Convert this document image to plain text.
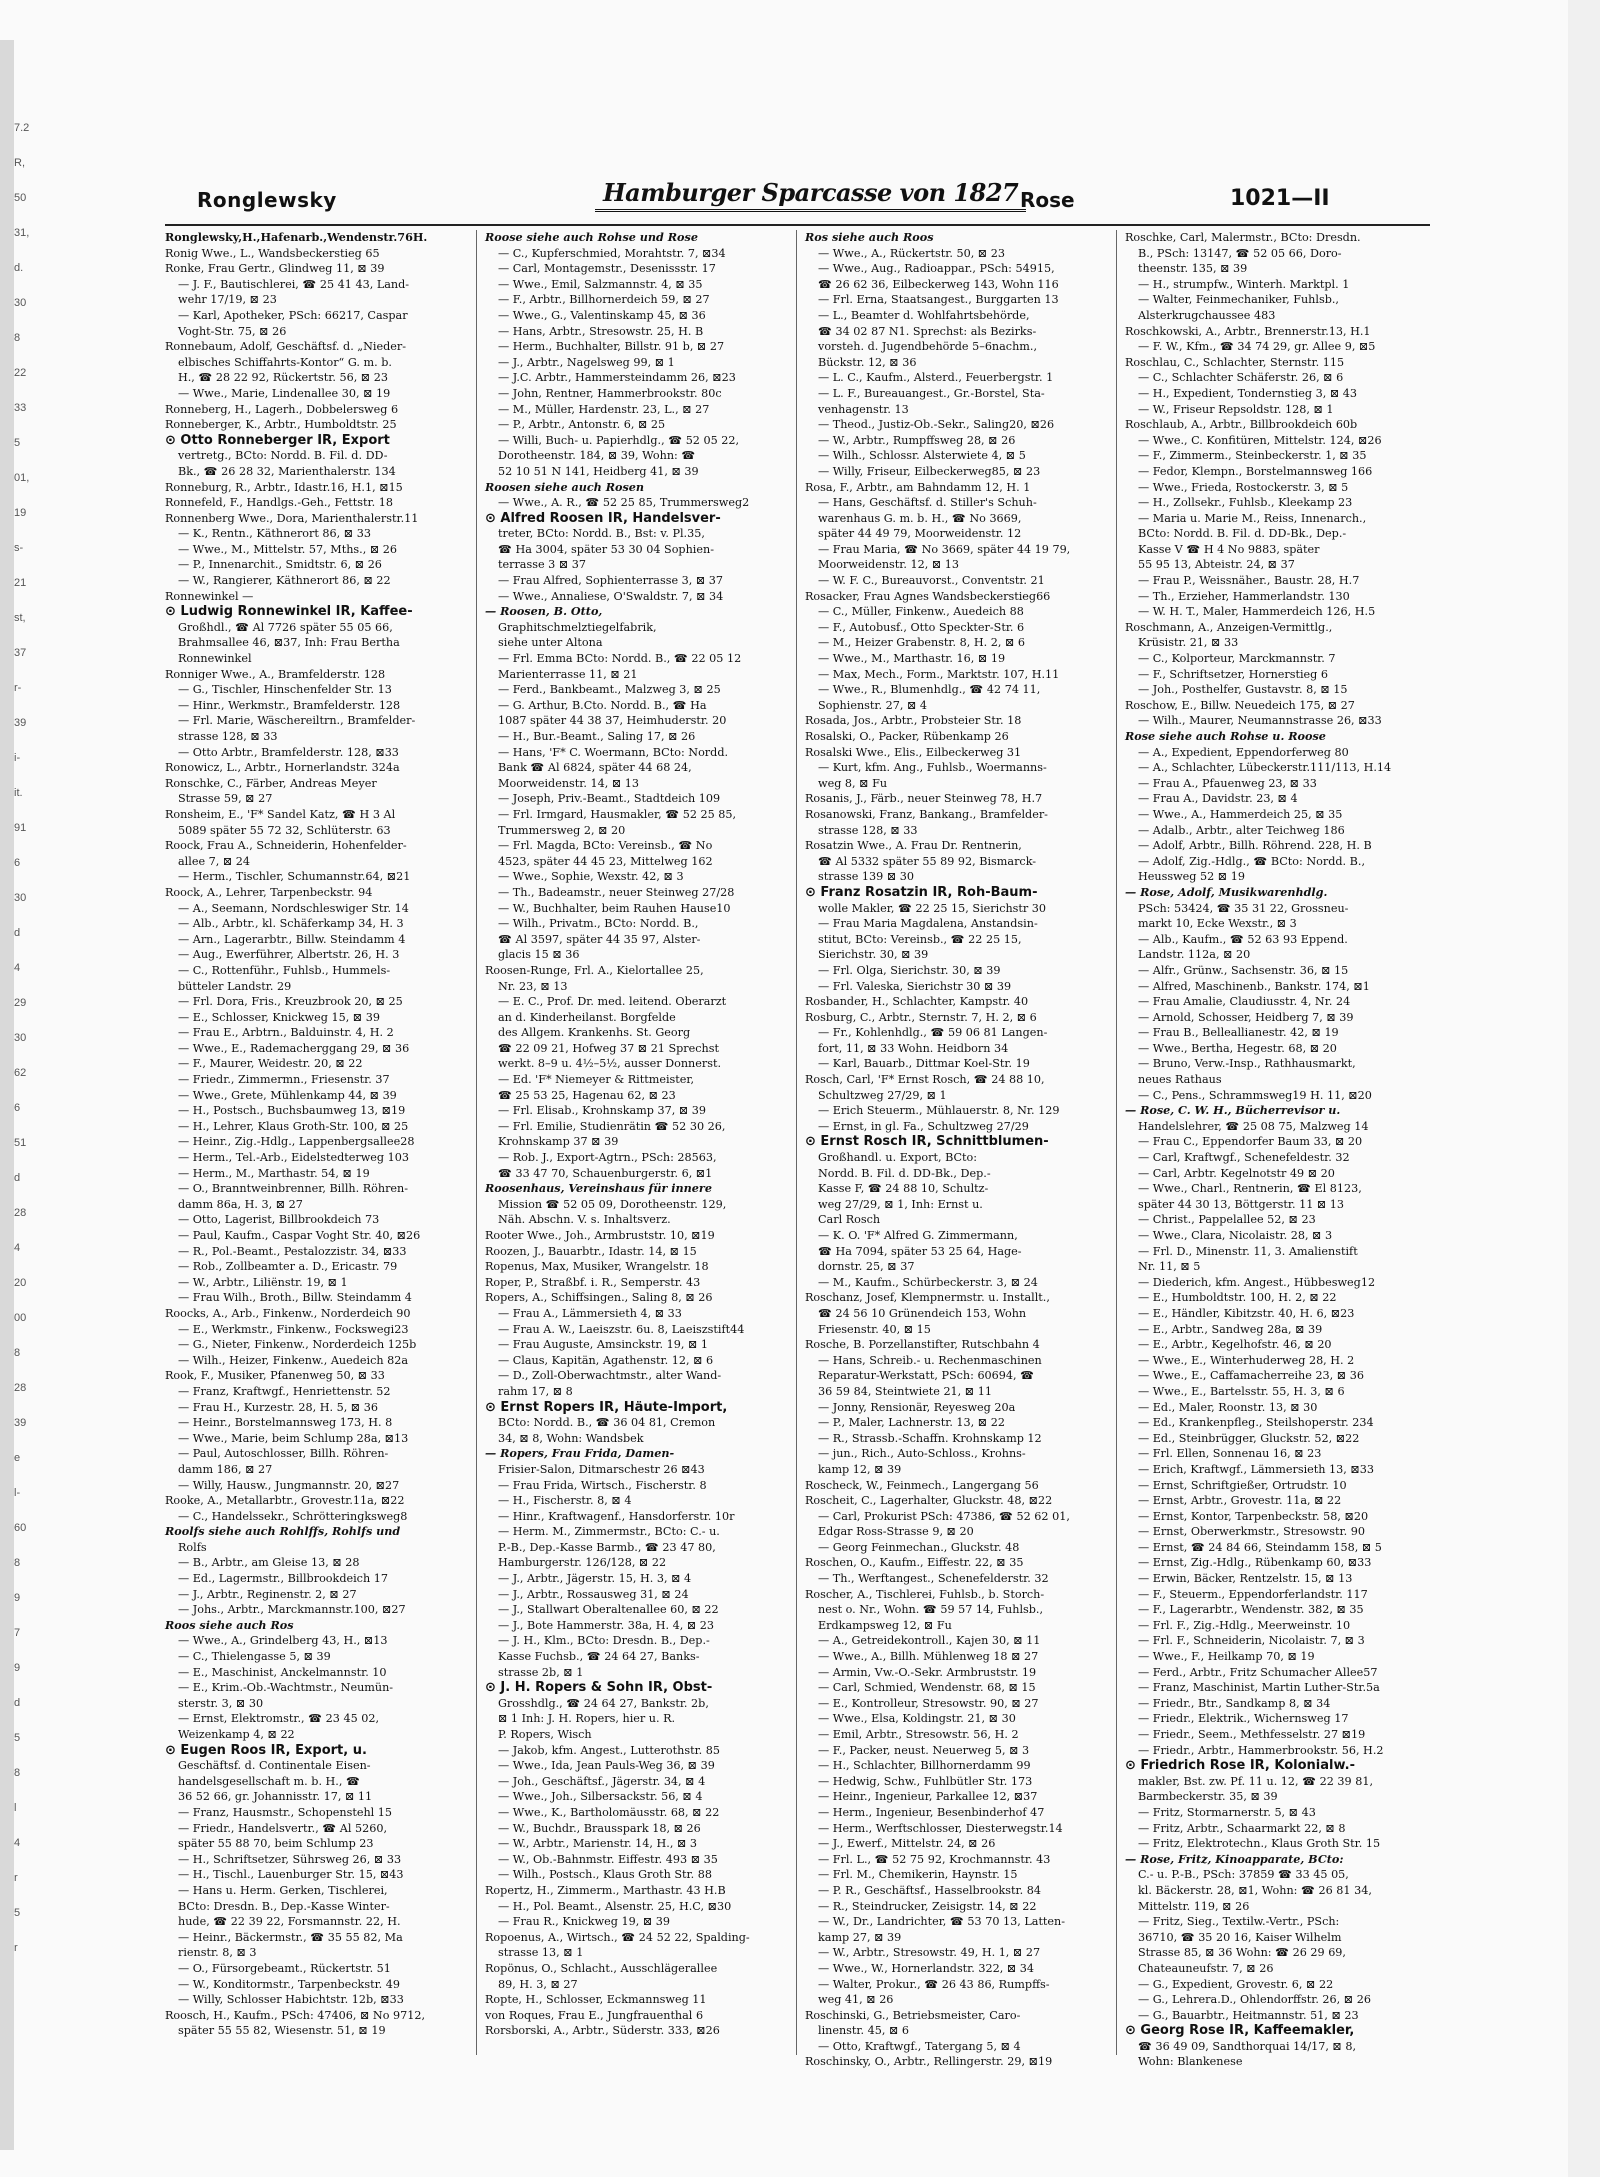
7.2
R,
50
31,
d.
30
8
22
33
5
01,
19
s-
21
st,
37
r-
39
i-
it.
91
6
30
d
4
29
30
62
6
51
d
28
4
20
00
8
28
39
e
l-
60
8
9
7
9
d
5
8
l
4
r
5
r
Ronglewsky	Hamburger Sparcasse von 1827 Rose	1021—II
Ronglewsky,H.,Hafenarb.,Wendenstr.76H.
Ronig Wwe., L., Wandsbeckerstieg 65
Ronke, Frau Gertr., Glindweg 11, ⊠ 39
— J. F., Bautischlerei, ☎ 25 41 43, Land-
wehr 17/19, ⊠ 23
— Karl, Apotheker, PSch: 66217, Caspar
Voght-Str. 75, ⊠ 26
Ronnebaum, Adolf, Geschäftsf. d. „Nieder-
elbisches Schiffahrts-Kontor“ G. m. b.
H., ☎ 28 22 92, Rückertstr. 56, ⊠ 23
— Wwe., Marie, Lindenallee 30, ⊠ 19
Ronneberg, H., Lagerh., Dobbelersweg 6
Ronneberger, K., Arbtr., Humboldtstr. 25
⊙ Otto Ronneberger IR, Export
vertretg., BCto: Nordd. B. Fil. d. DD-
Bk., ☎ 26 28 32, Marienthalerstr. 134
Ronneburg, R., Arbtr., Idastr.16, H.1, ⊠15
Ronnefeld, F., Handlgs.-Geh., Fettstr. 18
Ronnenberg Wwe., Dora, Marienthalerstr.11
— K., Rentn., Käthnerort 86, ⊠ 33
— Wwe., M., Mittelstr. 57, Mths., ⊠ 26
— P., Innenarchit., Smidtstr. 6, ⊠ 26
— W., Rangierer, Käthnerort 86, ⊠ 22
Ronnewinkel —
⊙ Ludwig Ronnewinkel IR, Kaffee-
Großhdl., ☎ Al 7726 später 55 05 66,
Brahmsallee 46, ⊠37, Inh: Frau Bertha
Ronnewinkel
Ronniger Wwe., A., Bramfelderstr. 128
— G., Tischler, Hinschenfelder Str. 13
— Hinr., Werkmstr., Bramfelderstr. 128
— Frl. Marie, Wäschereiltrn., Bramfelder-
strasse 128, ⊠ 33
— Otto Arbtr., Bramfelderstr. 128, ⊠33
Ronowicz, L., Arbtr., Hornerlandstr. 324a
Ronschke, C., Färber, Andreas Meyer
Strasse 59, ⊠ 27
Ronsheim, E., 'F* Sandel Katz, ☎ H 3 Al
5089 später 55 72 32, Schlüterstr. 63
Roock, Frau A., Schneiderin, Hohenfelder-
allee 7, ⊠ 24
— Herm., Tischler, Schumannstr.64, ⊠21
Roock, A., Lehrer, Tarpenbeckstr. 94
— A., Seemann, Nordschleswiger Str. 14
— Alb., Arbtr., kl. Schäferkamp 34, H. 3
— Arn., Lagerarbtr., Billw. Steindamm 4
— Aug., Ewerführer, Albertstr. 26, H. 3
— C., Rottenführ., Fuhlsb., Hummels-
bütteler Landstr. 29
— Frl. Dora, Fris., Kreuzbrook 20, ⊠ 25
— E., Schlosser, Knickweg 15, ⊠ 39
— Frau E., Arbtrn., Balduinstr. 4, H. 2
— Wwe., E., Rademacherggang 29, ⊠ 36
— F., Maurer, Weidestr. 20, ⊠ 22
— Friedr., Zimmermn., Friesenstr. 37
— Wwe., Grete, Mühlenkamp 44, ⊠ 39
— H., Postsch., Buchsbaumweg 13, ⊠19
— H., Lehrer, Klaus Groth-Str. 100, ⊠ 25
— Heinr., Zig.-Hdlg., Lappenbergsallee28
— Herm., Tel.-Arb., Eidelstedterweg 103
— Herm., M., Marthastr. 54, ⊠ 19
— O., Branntweinbrenner, Billh. Röhren-
damm 86a, H. 3, ⊠ 27
— Otto, Lagerist, Billbrookdeich 73
— Paul, Kaufm., Caspar Voght Str. 40, ⊠26
— R., Pol.-Beamt., Pestalozzistr. 34, ⊠33
— Rob., Zollbeamter a. D., Ericastr. 79
— W., Arbtr., Liliënstr. 19, ⊠ 1
— Frau Wilh., Broth., Billw. Steindamm 4
Roocks, A., Arb., Finkenw., Norderdeich 90
— E., Werkmstr., Finkenw., Fockswegi23
— G., Nieter, Finkenw., Norderdeich 125b
— Wilh., Heizer, Finkenw., Auedeich 82a
Rook, F., Musiker, Pfanenweg 50, ⊠ 33
— Franz, Kraftwgf., Henriettenstr. 52
— Frau H., Kurzestr. 28, H. 5, ⊠ 36
— Heinr., Borstelmannsweg 173, H. 8
— Wwe., Marie, beim Schlump 28a, ⊠13
— Paul, Autoschlosser, Billh. Röhren-
damm 186, ⊠ 27
— Willy, Hausw., Jungmannstr. 20, ⊠27
Rooke, A., Metallarbtr., Grovestr.11a, ⊠22
— C., Handelssekr., Schrötteringksweg8
Roolfs siehe auch Rohlffs, Rohlfs und
Rolfs
— B., Arbtr., am Gleise 13, ⊠ 28
— Ed., Lagermstr., Billbrookdeich 17
— J., Arbtr., Reginenstr. 2, ⊠ 27
— Johs., Arbtr., Marckmannstr.100, ⊠27
Roos siehe auch Ros
— Wwe., A., Grindelberg 43, H., ⊠13
— C., Thielengasse 5, ⊠ 39
— E., Maschinist, Anckelmannstr. 10
— E., Krim.-Ob.-Wachtmstr., Neumün-
sterstr. 3, ⊠ 30
— Ernst, Elektromstr., ☎ 23 45 02,
Weizenkamp 4, ⊠ 22
⊙ Eugen Roos IR, Export, u.
Geschäftsf. d. Continentale Eisen-
handelsgesellschaft m. b. H., ☎
36 52 66, gr. Johannisstr. 17, ⊠ 11
— Franz, Hausmstr., Schopenstehl 15
— Friedr., Handelsvertr., ☎ Al 5260,
später 55 88 70, beim Schlump 23
— H., Schriftsetzer, Sührsweg 26, ⊠ 33
— H., Tischl., Lauenburger Str. 15, ⊠43
— Hans u. Herm. Gerken, Tischlerei,
BCto: Dresdn. B., Dep.-Kasse Winter-
hude, ☎ 22 39 22, Forsmannstr. 22, H.
— Heinr., Bäckermstr., ☎ 35 55 82, Ma
rienstr. 8, ⊠ 3
— O., Fürsorgebeamt., Rückertstr. 51
— W., Konditormstr., Tarpenbeckstr. 49
— Willy, Schlosser Habichtstr. 12b, ⊠33
Roosch, H., Kaufm., PSch: 47406, ⊠ No 9712,
später 55 55 82, Wiesenstr. 51, ⊠ 19
Roose siehe auch Rohse und Rose
— C., Kupferschmied, Morahtstr. 7, ⊠34
— Carl, Montagemstr., Desenissstr. 17
— Wwe., Emil, Salzmannstr. 4, ⊠ 35
— F., Arbtr., Billhornerdeich 59, ⊠ 27
— Wwe., G., Valentinskamp 45, ⊠ 36
— Hans, Arbtr., Stresowstr. 25, H. B
— Herm., Buchhalter, Billstr. 91 b, ⊠ 27
— J., Arbtr., Nagelsweg 99, ⊠ 1
— J.C. Arbtr., Hammersteindamm 26, ⊠23
— John, Rentner, Hammerbrookstr. 80c
— M., Müller, Hardenstr. 23, L., ⊠ 27
— P., Arbtr., Antonstr. 6, ⊠ 25
— Willi, Buch- u. Papierhdlg., ☎ 52 05 22,
Dorotheenstr. 184, ⊠ 39, Wohn: ☎
52 10 51 N 141, Heidberg 41, ⊠ 39
Roosen siehe auch Rosen
— Wwe., A. R., ☎ 52 25 85, Trummersweg2
⊙ Alfred Roosen IR, Handelsver-
treter, BCto: Nordd. B., Bst: v. Pl.35,
☎ Ha 3004, später 53 30 04 Sophien-
terrasse 3 ⊠ 37
— Frau Alfred, Sophienterrasse 3, ⊠ 37
— Wwe., Annaliese, O'Swaldstr. 7, ⊠ 34
— Roosen, B. Otto,
Graphitschmelztiegelfabrik,
siehe unter Altona
— Frl. Emma BCto: Nordd. B., ☎ 22 05 12
Marienterrasse 11, ⊠ 21
— Ferd., Bankbeamt., Malzweg 3, ⊠ 25
— G. Arthur, B.Cto. Nordd. B., ☎ Ha
1087 später 44 38 37, Heimhuderstr. 20
— H., Bur.-Beamt., Saling 17, ⊠ 26
— Hans, 'F* C. Woermann, BCto: Nordd.
Bank ☎ Al 6824, später 44 68 24,
Moorweidenstr. 14, ⊠ 13
— Joseph, Priv.-Beamt., Stadtdeich 109
— Frl. Irmgard, Hausmakler, ☎ 52 25 85,
Trummersweg 2, ⊠ 20
— Frl. Magda, BCto: Vereinsb., ☎ No
4523, später 44 45 23, Mittelweg 162
— Wwe., Sophie, Wexstr. 42, ⊠ 3
— Th., Badeamstr., neuer Steinweg 27/28
— W., Buchhalter, beim Rauhen Hause10
— Wilh., Privatm., BCto: Nordd. B.,
☎ Al 3597, später 44 35 97, Alster-
glacis 15 ⊠ 36
Roosen-Runge, Frl. A., Kielortallee 25,
Nr. 23, ⊠ 13
— E. C., Prof. Dr. med. leitend. Oberarzt
an d. Kinderheilanst. Borgfelde
des Allgem. Krankenhs. St. Georg
☎ 22 09 21, Hofweg 37 ⊠ 21 Sprechst
werkt. 8–9 u. 4½–5½, ausser Donnerst.
— Ed. 'F* Niemeyer & Rittmeister,
☎ 25 53 25, Hagenau 62, ⊠ 23
— Frl. Elisab., Krohnskamp 37, ⊠ 39
— Frl. Emilie, Studienrätin ☎ 52 30 26,
Krohnskamp 37 ⊠ 39
— Rob. J., Export-Agtrn., PSch: 28563,
☎ 33 47 70, Schauenburgerstr. 6, ⊠1
Roosenhaus, Vereinshaus für innere
Mission ☎ 52 05 09, Dorotheenstr. 129,
Näh. Abschn. V. s. Inhaltsverz.
Rooter Wwe., Joh., Armbruststr. 10, ⊠19
Roozen, J., Bauarbtr., Idastr. 14, ⊠ 15
Ropenus, Max, Musiker, Wrangelstr. 18
Roper, P., Straßbf. i. R., Semperstr. 43
Ropers, A., Schiffsingen., Saling 8, ⊠ 26
— Frau A., Lämmersieth 4, ⊠ 33
— Frau A. W., Laeiszstr. 6u. 8, Laeiszstift44
— Frau Auguste, Amsinckstr. 19, ⊠ 1
— Claus, Kapitän, Agathenstr. 12, ⊠ 6
— D., Zoll-Oberwachtmstr., alter Wand-
rahm 17, ⊠ 8
⊙ Ernst Ropers IR, Häute-Import,
BCto: Nordd. B., ☎ 36 04 81, Cremon
34, ⊠ 8, Wohn: Wandsbek
— Ropers, Frau Frida, Damen-
Frisier-Salon, Ditmarschestr 26 ⊠43
— Frau Frida, Wirtsch., Fischerstr. 8
— H., Fischerstr. 8, ⊠ 4
— Hinr., Kraftwagenf., Hansdorferstr. 10r
— Herm. M., Zimmermstr., BCto: C.- u.
P.-B., Dep.-Kasse Barmb., ☎ 23 47 80,
Hamburgerstr. 126/128, ⊠ 22
— J., Arbtr., Jägerstr. 15, H. 3, ⊠ 4
— J., Arbtr., Rossausweg 31, ⊠ 24
— J., Stallwart Oberaltenallee 60, ⊠ 22
— J., Bote Hammerstr. 38a, H. 4, ⊠ 23
— J. H., Klm., BCto: Dresdn. B., Dep.-
Kasse Fuchsb., ☎ 24 64 27, Banks-
strasse 2b, ⊠ 1
⊙ J. H. Ropers & Sohn IR, Obst-
Grosshdlg., ☎ 24 64 27, Bankstr. 2b,
⊠ 1 Inh: J. H. Ropers, hier u. R.
P. Ropers, Wisch
— Jakob, kfm. Angest., Lutterothstr. 85
— Wwe., Ida, Jean Pauls-Weg 36, ⊠ 39
— Joh., Geschäftsf., Jägerstr. 34, ⊠ 4
— Wwe., Joh., Silbersackstr. 56, ⊠ 4
— Wwe., K., Bartholomäusstr. 68, ⊠ 22
— W., Buchdr., Brausspark 18, ⊠ 26
— W., Arbtr., Marienstr. 14, H., ⊠ 3
— W., Ob.-Bahnmstr. Eiffestr. 493 ⊠ 35
— Wilh., Postsch., Klaus Groth Str. 88
Ropertz, H., Zimmerm., Marthastr. 43 H.B
— H., Pol. Beamt., Alsenstr. 25, H.C, ⊠30
— Frau R., Knickweg 19, ⊠ 39
Ropoenus, A., Wirtsch., ☎ 24 52 22, Spalding-
strasse 13, ⊠ 1
Ropönus, O., Schlacht., Ausschlägerallee
89, H. 3, ⊠ 27
Ropte, H., Schlosser, Eckmannsweg 11
von Roques, Frau E., Jungfrauenthal 6
Rorsborski, A., Arbtr., Süderstr. 333, ⊠26
Ros siehe auch Roos
— Wwe., A., Rückertstr. 50, ⊠ 23
— Wwe., Aug., Radioappar., PSch: 54915,
☎ 26 62 36, Eilbeckerweg 143, Wohn 116
— Frl. Erna, Staatsangest., Burggarten 13
— L., Beamter d. Wohlfahrtsbehörde,
☎ 34 02 87 N1. Sprechst: als Bezirks-
vorsteh. d. Jugendbehörde 5–6nachm.,
Bückstr. 12, ⊠ 36
— L. C., Kaufm., Alsterd., Feuerbergstr. 1
— L. F., Bureauangest., Gr.-Borstel, Sta-
venhagenstr. 13
— Theod., Justiz-Ob.-Sekr., Saling20, ⊠26
— W., Arbtr., Rumpffsweg 28, ⊠ 26
— Wilh., Schlossr. Alsterwiete 4, ⊠ 5
— Willy, Friseur, Eilbeckerweg85, ⊠ 23
Rosa, F., Arbtr., am Bahndamm 12, H. 1
— Hans, Geschäftsf. d. Stiller's Schuh-
warenhaus G. m. b. H., ☎ No 3669,
später 44 49 79, Moorweidenstr. 12
— Frau Maria, ☎ No 3669, später 44 19 79,
Moorweidenstr. 12, ⊠ 13
— W. F. C., Bureauvorst., Conventstr. 21
Rosacker, Frau Agnes Wandsbeckerstieg66
— C., Müller, Finkenw., Auedeich 88
— F., Autobusf., Otto Speckter-Str. 6
— M., Heizer Grabenstr. 8, H. 2, ⊠ 6
— Wwe., M., Marthastr. 16, ⊠ 19
— Max, Mech., Form., Marktstr. 107, H.11
— Wwe., R., Blumenhdlg., ☎ 42 74 11,
Sophienstr. 27, ⊠ 4
Rosada, Jos., Arbtr., Probsteier Str. 18
Rosalski, O., Packer, Rübenkamp 26
Rosalski Wwe., Elis., Eilbeckerweg 31
— Kurt, kfm. Ang., Fuhlsb., Woermanns-
weg 8, ⊠ Fu
Rosanis, J., Färb., neuer Steinweg 78, H.7
Rosanowski, Franz, Bankang., Bramfelder-
strasse 128, ⊠ 33
Rosatzin Wwe., A. Frau Dr. Rentnerin,
☎ Al 5332 später 55 89 92, Bismarck-
strasse 139 ⊠ 30
⊙ Franz Rosatzin IR, Roh-Baum-
wolle Makler, ☎ 22 25 15, Sierichstr 30
— Frau Maria Magdalena, Anstandsin-
stitut, BCto: Vereinsb., ☎ 22 25 15,
Sierichstr. 30, ⊠ 39
— Frl. Olga, Sierichstr. 30, ⊠ 39
— Frl. Valeska, Sierichstr 30 ⊠ 39
Rosbander, H., Schlachter, Kampstr. 40
Rosburg, C., Arbtr., Sternstr. 7, H. 2, ⊠ 6
— Fr., Kohlenhdlg., ☎ 59 06 81 Langen-
fort, 11, ⊠ 33 Wohn. Heidborn 34
— Karl, Bauarb., Dittmar Koel-Str. 19
Rosch, Carl, 'F* Ernst Rosch, ☎ 24 88 10,
Schultzweg 27/29, ⊠ 1
— Erich Steuerm., Mühlauerstr. 8, Nr. 129
— Ernst, in gl. Fa., Schultzweg 27/29
⊙ Ernst Rosch IR, Schnittblumen-
Großhandl. u. Export, BCto:
Nordd. B. Fil. d. DD-Bk., Dep.-
Kasse F, ☎ 24 88 10, Schultz-
weg 27/29, ⊠ 1, Inh: Ernst u.
Carl Rosch
— K. O. 'F* Alfred G. Zimmermann,
☎ Ha 7094, später 53 25 64, Hage-
dornstr. 25, ⊠ 37
— M., Kaufm., Schürbeckerstr. 3, ⊠ 24
Roschanz, Josef, Klempnermstr. u. Installt.,
☎ 24 56 10 Grünendeich 153, Wohn
Friesenstr. 40, ⊠ 15
Rosche, B. Porzellanstifter, Rutschbahn 4
— Hans, Schreib.- u. Rechenmaschinen
Reparatur-Werkstatt, PSch: 60694, ☎
36 59 84, Steintwiete 21, ⊠ 11
— Jonny, Rensionär, Reyesweg 20a
— P., Maler, Lachnerstr. 13, ⊠ 22
— R., Strassb.-Schaffn. Krohnskamp 12
— jun., Rich., Auto-Schloss., Krohns-
kamp 12, ⊠ 39
Roscheck, W., Feinmech., Langergang 56
Roscheit, C., Lagerhalter, Gluckstr. 48, ⊠22
— Carl, Prokurist PSch: 47386, ☎ 52 62 01,
Edgar Ross-Strasse 9, ⊠ 20
— Georg Feinmechan., Gluckstr. 48
Roschen, O., Kaufm., Eiffestr. 22, ⊠ 35
— Th., Werftangest., Schenefelderstr. 32
Roscher, A., Tischlerei, Fuhlsb., b. Storch-
nest o. Nr., Wohn. ☎ 59 57 14, Fuhlsb.,
Erdkampsweg 12, ⊠ Fu
— A., Getreidekontroll., Kajen 30, ⊠ 11
— Wwe., A., Billh. Mühlenweg 18 ⊠ 27
— Armin, Vw.-O.-Sekr. Armbruststr. 19
— Carl, Schmied, Wendenstr. 68, ⊠ 15
— E., Kontrolleur, Stresowstr. 90, ⊠ 27
— Wwe., Elsa, Koldingstr. 21, ⊠ 30
— Emil, Arbtr., Stresowstr. 56, H. 2
— F., Packer, neust. Neuerweg 5, ⊠ 3
— H., Schlachter, Billhornerdamm 99
— Hedwig, Schw., Fuhlbütler Str. 173
— Heinr., Ingenieur, Parkallee 12, ⊠37
— Herm., Ingenieur, Besenbinderhof 47
— Herm., Werftschlosser, Diesterwegstr.14
— J., Ewerf., Mittelstr. 24, ⊠ 26
— Frl. L., ☎ 52 75 92, Krochmannstr. 43
— Frl. M., Chemikerin, Haynstr. 15
— P. R., Geschäftsf., Hasselbrookstr. 84
— R., Steindrucker, Zeisigstr. 14, ⊠ 22
— W., Dr., Landrichter, ☎ 53 70 13, Latten-
kamp 27, ⊠ 39
— W., Arbtr., Stresowstr. 49, H. 1, ⊠ 27
— Wwe., W., Hornerlandstr. 322, ⊠ 34
— Walter, Prokur., ☎ 26 43 86, Rumpffs-
weg 41, ⊠ 26
Roschinski, G., Betriebsmeister, Caro-
linenstr. 45, ⊠ 6
— Otto, Kraftwgf., Tatergang 5, ⊠ 4
Roschinsky, O., Arbtr., Rellingerstr. 29, ⊠19
Roschke, Carl, Malermstr., BCto: Dresdn.
B., PSch: 13147, ☎ 52 05 66, Doro-
theenstr. 135, ⊠ 39
— H., strumpfw., Winterh. Marktpl. 1
— Walter, Feinmechaniker, Fuhlsb.,
Alsterkrugchaussee 483
Roschkowski, A., Arbtr., Brennerstr.13, H.1
— F. W., Kfm., ☎ 34 74 29, gr. Allee 9, ⊠5
Roschlau, C., Schlachter, Sternstr. 115
— C., Schlachter Schäferstr. 26, ⊠ 6
— H., Expedient, Tondernstieg 3, ⊠ 43
— W., Friseur Repsoldstr. 128, ⊠ 1
Roschlaub, A., Arbtr., Billbrookdeich 60b
— Wwe., C. Konfitüren, Mittelstr. 124, ⊠26
— F., Zimmerm., Steinbeckerstr. 1, ⊠ 35
— Fedor, Klempn., Borstelmannsweg 166
— Wwe., Frieda, Rostockerstr. 3, ⊠ 5
— H., Zollsekr., Fuhlsb., Kleekamp 23
— Maria u. Marie M., Reiss, Innenarch.,
BCto: Nordd. B. Fil. d. DD-Bk., Dep.-
Kasse V ☎ H 4 No 9883, später
55 95 13, Abteistr. 24, ⊠ 37
— Frau P., Weissnäher., Baustr. 28, H.7
— Th., Erzieher, Hammerlandstr. 130
— W. H. T., Maler, Hammerdeich 126, H.5
Roschmann, A., Anzeigen-Vermittlg.,
Krüsistr. 21, ⊠ 33
— C., Kolporteur, Marckmannstr. 7
— F., Schriftsetzer, Hornerstieg 6
— Joh., Posthelfer, Gustavstr. 8, ⊠ 15
Roschow, E., Billw. Neuedeich 175, ⊠ 27
— Wilh., Maurer, Neumannstrasse 26, ⊠33
Rose siehe auch Rohse u. Roose
— A., Expedient, Eppendorferweg 80
— A., Schlachter, Lübeckerstr.111/113, H.14
— Frau A., Pfauenweg 23, ⊠ 33
— Frau A., Davidstr. 23, ⊠ 4
— Wwe., A., Hammerdeich 25, ⊠ 35
— Adalb., Arbtr., alter Teichweg 186
— Adolf, Arbtr., Billh. Röhrend. 228, H. B
— Adolf, Zig.-Hdlg., ☎ BCto: Nordd. B.,
Heussweg 52 ⊠ 19
— Rose, Adolf, Musikwarenhdlg.
PSch: 53424, ☎ 35 31 22, Grossneu-
markt 10, Ecke Wexstr., ⊠ 3
— Alb., Kaufm., ☎ 52 63 93 Eppend.
Landstr. 112a, ⊠ 20
— Alfr., Grünw., Sachsenstr. 36, ⊠ 15
— Alfred, Maschinenb., Bankstr. 174, ⊠1
— Frau Amalie, Claudiusstr. 4, Nr. 24
— Arnold, Schosser, Heidberg 7, ⊠ 39
— Frau B., Belleallianestr. 42, ⊠ 19
— Wwe., Bertha, Hegestr. 68, ⊠ 20
— Bruno, Verw.-Insp., Rathhausmarkt,
neues Rathaus
— C., Pens., Schrammsweg19 H. 11, ⊠20
— Rose, C. W. H., Bücherrevisor u.
Handelslehrer, ☎ 25 08 75, Malzweg 14
— Frau C., Eppendorfer Baum 33, ⊠ 20
— Carl, Kraftwgf., Schenefeldestr. 32
— Carl, Arbtr. Kegelnotstr 49 ⊠ 20
— Wwe., Charl., Rentnerin, ☎ El 8123,
später 44 30 13, Böttgerstr. 11 ⊠ 13
— Christ., Pappelallee 52, ⊠ 23
— Wwe., Clara, Nicolaistr. 28, ⊠ 3
— Frl. D., Minenstr. 11, 3. Amalienstift
Nr. 11, ⊠ 5
— Diederich, kfm. Angest., Hübbesweg12
— E., Humboldtstr. 100, H. 2, ⊠ 22
— E., Händler, Kibitzstr. 40, H. 6, ⊠23
— E., Arbtr., Sandweg 28a, ⊠ 39
— E., Arbtr., Kegelhofstr. 46, ⊠ 20
— Wwe., E., Winterhuderweg 28, H. 2
— Wwe., E., Caffamacherreihe 23, ⊠ 36
— Wwe., E., Bartelsstr. 55, H. 3, ⊠ 6
— Ed., Maler, Roonstr. 13, ⊠ 30
— Ed., Krankenpfleg., Steilshoperstr. 234
— Ed., Steinbrügger, Gluckstr. 52, ⊠22
— Frl. Ellen, Sonnenau 16, ⊠ 23
— Erich, Kraftwgf., Lämmersieth 13, ⊠33
— Ernst, Schriftgießer, Ortrudstr. 10
— Ernst, Arbtr., Grovestr. 11a, ⊠ 22
— Ernst, Kontor, Tarpenbeckstr. 58, ⊠20
— Ernst, Oberwerkmstr., Stresowstr. 90
— Ernst, ☎ 24 84 66, Steindamm 158, ⊠ 5
— Ernst, Zig.-Hdlg., Rübenkamp 60, ⊠33
— Erwin, Bäcker, Rentzelstr. 15, ⊠ 13
— F., Steuerm., Eppendorferlandstr. 117
— F., Lagerarbtr., Wendenstr. 382, ⊠ 35
— Frl. F., Zig.-Hdlg., Meerweinstr. 10
— Frl. F., Schneiderin, Nicolaistr. 7, ⊠ 3
— Wwe., F., Heilkamp 70, ⊠ 19
— Ferd., Arbtr., Fritz Schumacher Allee57
— Franz, Maschinist, Martin Luther-Str.5a
— Friedr., Btr., Sandkamp 8, ⊠ 34
— Friedr., Elektrik., Wichernsweg 17
— Friedr., Seem., Methfesselstr. 27 ⊠19
— Friedr., Arbtr., Hammerbrookstr. 56, H.2
⊙ Friedrich Rose IR, Kolonialw.-
makler, Bst. zw. Pf. 11 u. 12, ☎ 22 39 81,
Barmbeckerstr. 35, ⊠ 39
— Fritz, Stormarnerstr. 5, ⊠ 43
— Fritz, Arbtr., Schaarmarkt 22, ⊠ 8
— Fritz, Elektrotechn., Klaus Groth Str. 15
— Rose, Fritz, Kinoapparate, BCto:
C.- u. P.-B., PSch: 37859 ☎ 33 45 05,
kl. Bäckerstr. 28, ⊠1, Wohn: ☎ 26 81 34,
Mittelstr. 119, ⊠ 26
— Fritz, Sieg., Textilw.-Vertr., PSch:
36710, ☎ 35 20 16, Kaiser Wilhelm
Strasse 85, ⊠ 36 Wohn: ☎ 26 29 69,
Chateauneufstr. 7, ⊠ 26
— G., Expedient, Grovestr. 6, ⊠ 22
— G., Lehrera.D., Ohlendorffstr. 26, ⊠ 26
— G., Bauarbtr., Heitmannstr. 51, ⊠ 23
⊙ Georg Rose IR, Kaffeemakler,
☎ 36 49 09, Sandthorquai 14/17, ⊠ 8,
Wohn: Blankenese
